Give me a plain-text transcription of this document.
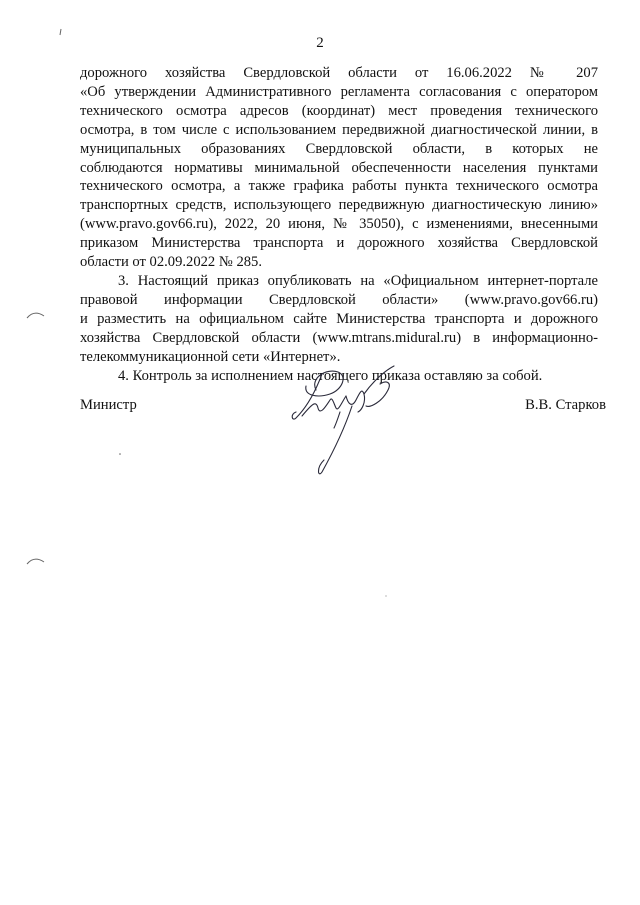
2

дорожного хозяйства Свердловской области от 16.06.2022 № 207
«Об утверждении Административного регламента согласования с оператором
технического осмотра адресов (координат) мест проведения технического
осмотра, в том числе с использованием передвижной диагностической линии, в
муниципальных образованиях Свердловской области, в которых не
соблюдаются нормативы минимальной обеспеченности населения пунктами
технического осмотра, а также графика работы пункта технического осмотра
транспортных средств, использующего передвижную диагностическую линию»
(www.pravo.gov66.ru), 2022, 20 июня, № 35050), с изменениями, внесенными
приказом Министерства транспорта и дорожного хозяйства Свердловской
области от 02.09.2022 № 285.

3. Настоящий приказ опубликовать на «Официальном интернет-портале
правовой информации Свердловской области» (www.pravo.gov66.ru)
и разместить на официальном сайте Министерства транспорта и дорожного
хозяйства Свердловской области (www.mtrans.midural.ru) в информационно-
телекоммуникационной сети «Интернет».

4. Контроль за исполнением настоящего приказа оставляю за собой.

Министр	В.В. Старков
